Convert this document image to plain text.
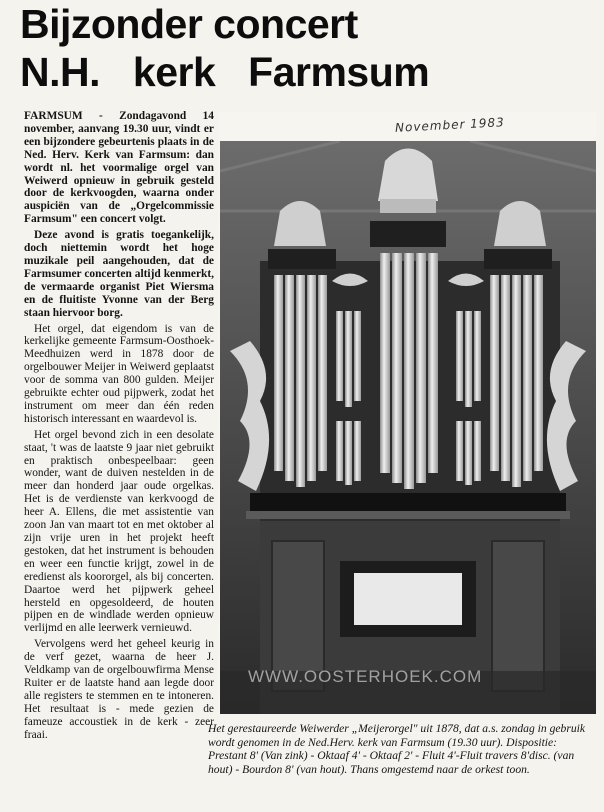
Bijzonder concert
N.H. kerk Farmsum

FARMSUM - Zondagavond 14 november, aanvang 19.30 uur, vindt er een bijzondere gebeurtenis plaats in de Ned. Herv. Kerk van Farmsum: dan wordt nl. het voormalige orgel van Weiwerd opnieuw in gebruik gesteld door de kerkvoogden, waarna onder auspiciën van de „Orgelcommissie Farmsum" een concert volgt.

Deze avond is gratis toegankelijk, doch niettemin wordt het hoge muzikale peil aangehouden, dat de Farmsumer concerten altijd kenmerkt, de vermaarde organist Piet Wiersma en de fluitiste Yvonne van der Berg staan hiervoor borg.

Het orgel, dat eigendom is van de kerkelijke gemeente Farmsum-Oosthoek-Meedhuizen werd in 1878 door de orgelbouwer Meijer in Weiwerd geplaatst voor de somma van 800 gulden. Meijer gebruikte echter oud pijpwerk, zodat het instrument om meer dan één reden historisch interessant en waardevol is.

Het orgel bevond zich in een desolate staat, 't was de laatste 9 jaar niet gebruikt en praktisch onbespeelbaar: geen wonder, want de duiven nestelden in de meer dan honderd jaar oude orgelkas. Het is de verdienste van kerkvoogd de heer A. Ellens, die met assistentie van zoon Jan van maart tot en met oktober al zijn vrije uren in het projekt heeft gestoken, dat het instrument is behouden en weer een functie krijgt, zowel in de eredienst als koororgel, als bij concerten. Daartoe werd het pijpwerk geheel hersteld en opgesoldeerd, de houten pijpen en de windlade werden opnieuw verlijmd en alle leerwerk vernieuwd.

Vervolgens werd het geheel keurig in de verf gezet, waarna de heer J. Veldkamp van de orgelbouwfirma Mense Ruiter er de laatste hand aan legde door alle registers te stemmen en te intoneren. Het resultaat is - mede gezien de fameuze accoustiek in de kerk - zeer fraai.

November 1983
WWW.OOSTERHOEK.COM
Het gerestaureerde Weiwerder „Meijerorgel" uit 1878, dat a.s. zondag in gebruik wordt genomen in de Ned.Herv. kerk van Farmsum (19.30 uur). Dispositie: Prestant 8' (Van zink) - Oktaaf 4' - Oktaaf 2' - Fluit 4'-Fluit travers 8'disc. (van hout) - Bourdon 8' (van hout). Thans omgestemd naar de orkest toon.
